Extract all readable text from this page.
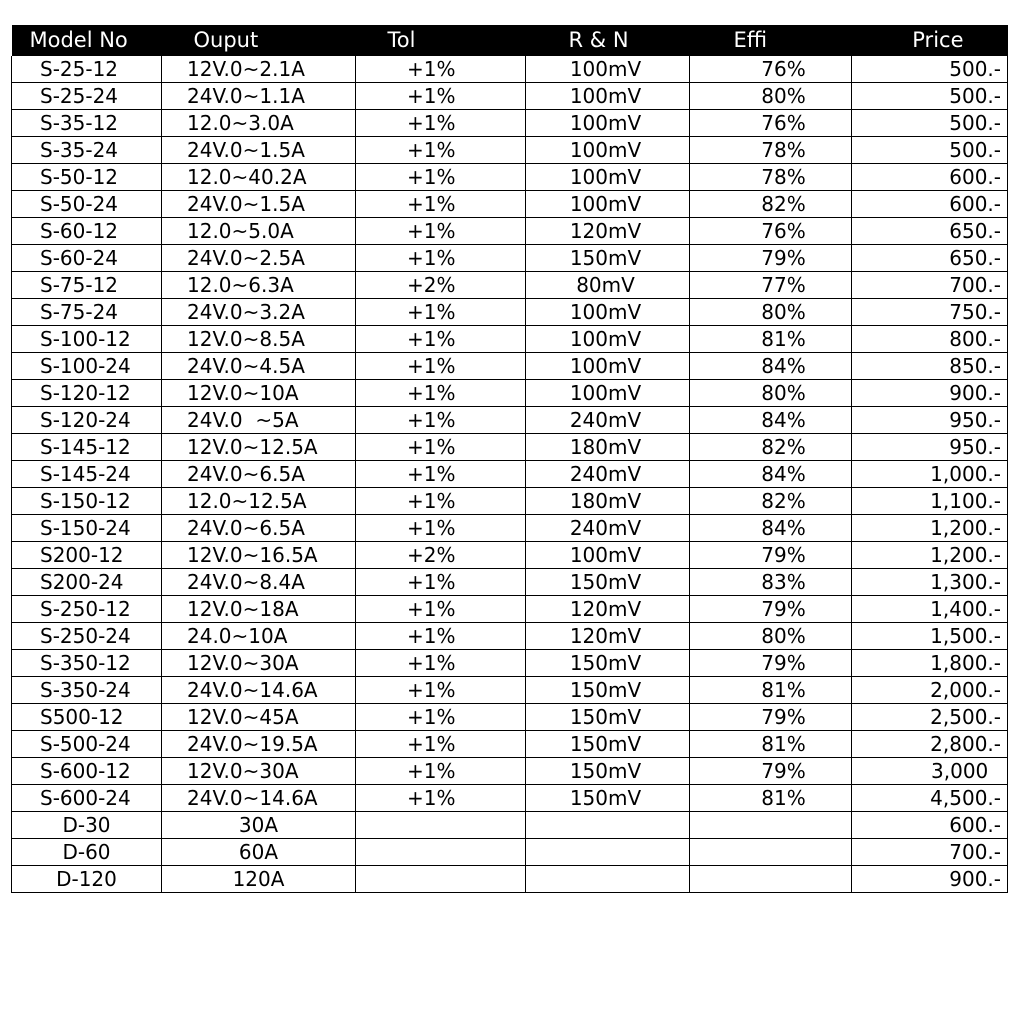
Model No	Ouput	Tol	R & N	Effi	Price
S-25-12	12V.0~2.1A	+1%	100mV	76%	500.-
S-25-24	24V.0~1.1A	+1%	100mV	80%	500.-
S-35-12	12.0~3.0A	+1%	100mV	76%	500.-
S-35-24	24V.0~1.5A	+1%	100mV	78%	500.-
S-50-12	12.0~40.2A	+1%	100mV	78%	600.-
S-50-24	24V.0~1.5A	+1%	100mV	82%	600.-
S-60-12	12.0~5.0A	+1%	120mV	76%	650.-
S-60-24	24V.0~2.5A	+1%	150mV	79%	650.-
S-75-12	12.0~6.3A	+2%	80mV	77%	700.-
S-75-24	24V.0~3.2A	+1%	100mV	80%	750.-
S-100-12	12V.0~8.5A	+1%	100mV	81%	800.-
S-100-24	24V.0~4.5A	+1%	100mV	84%	850.-
S-120-12	12V.0~10A	+1%	100mV	80%	900.-
S-120-24	24V.0  ~5A	+1%	240mV	84%	950.-
S-145-12	12V.0~12.5A	+1%	180mV	82%	950.-
S-145-24	24V.0~6.5A	+1%	240mV	84%	1,000.-
S-150-12	12.0~12.5A	+1%	180mV	82%	1,100.-
S-150-24	24V.0~6.5A	+1%	240mV	84%	1,200.-
S200-12	12V.0~16.5A	+2%	100mV	79%	1,200.-
S200-24	24V.0~8.4A	+1%	150mV	83%	1,300.-
S-250-12	12V.0~18A	+1%	120mV	79%	1,400.-
S-250-24	24.0~10A	+1%	120mV	80%	1,500.-
S-350-12	12V.0~30A	+1%	150mV	79%	1,800.-
S-350-24	24V.0~14.6A	+1%	150mV	81%	2,000.-
S500-12	12V.0~45A	+1%	150mV	79%	2,500.-
S-500-24	24V.0~19.5A	+1%	150mV	81%	2,800.-
S-600-12	12V.0~30A	+1%	150mV	79%	3,000
S-600-24	24V.0~14.6A	+1%	150mV	81%	4,500.-
D-30	30A				600.-
D-60	60A				700.-
D-120	120A				900.-
